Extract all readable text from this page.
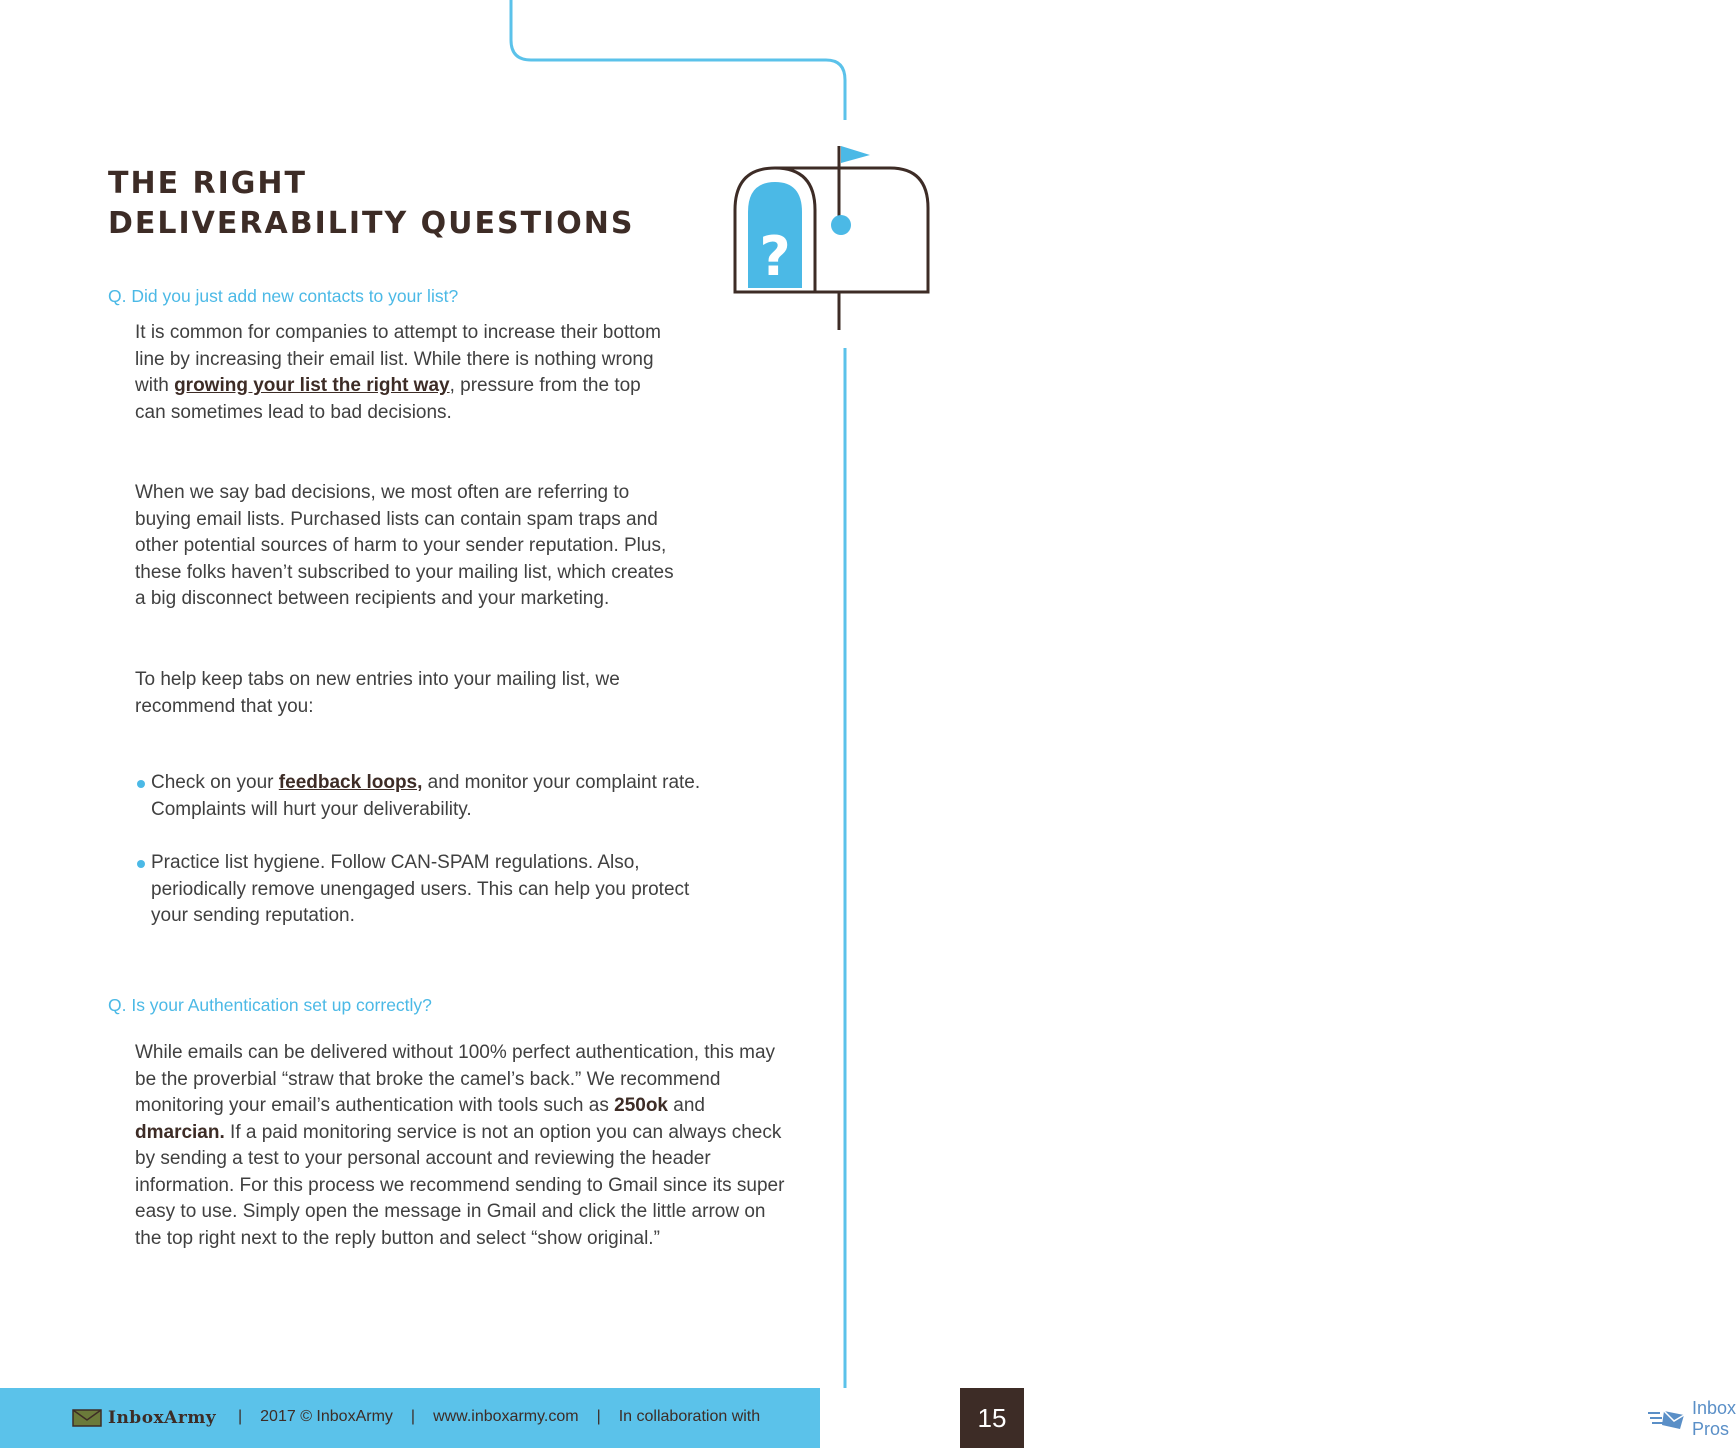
?
THE RIGHT
DELIVERABILITY QUESTIONS
Q. Did you just add new contacts to your list?

It is common for companies to attempt to increase their bottom line by increasing their email list. While there is nothing wrong with growing your list the right way, pressure from the top can sometimes lead to bad decisions.

When we say bad decisions, we most often are referring to buying email lists. Purchased lists can contain spam traps and other potential sources of harm to your sender reputation. Plus, these folks haven’t subscribed to your mailing list, which creates a big disconnect between recipients and your marketing.

To help keep tabs on new entries into your mailing list, we recommend that you:

Check on your feedback loops, and monitor your complaint rate. Complaints will hurt your deliverability.

Practice list hygiene. Follow CAN-SPAM regulations. Also, periodically remove unengaged users. This can help you protect your sending reputation.

Q. Is your Authentication set up correctly?

While emails can be delivered without 100% perfect authentication, this may be the proverbial “straw that broke the camel’s back.” We recommend monitoring your email’s authentication with tools such as 250ok and dmarcian. If a paid monitoring service is not an option you can always check by sending a test to your personal account and reviewing the header information. For this process we recommend sending to Gmail since its super easy to use. Simply open the message in Gmail and click the little arrow on the top right next to the reply button and select “show original.”

InboxArmy | 2017 © InboxArmy | www.inboxarmy.com | In collaboration with	Inbox Pros
15
